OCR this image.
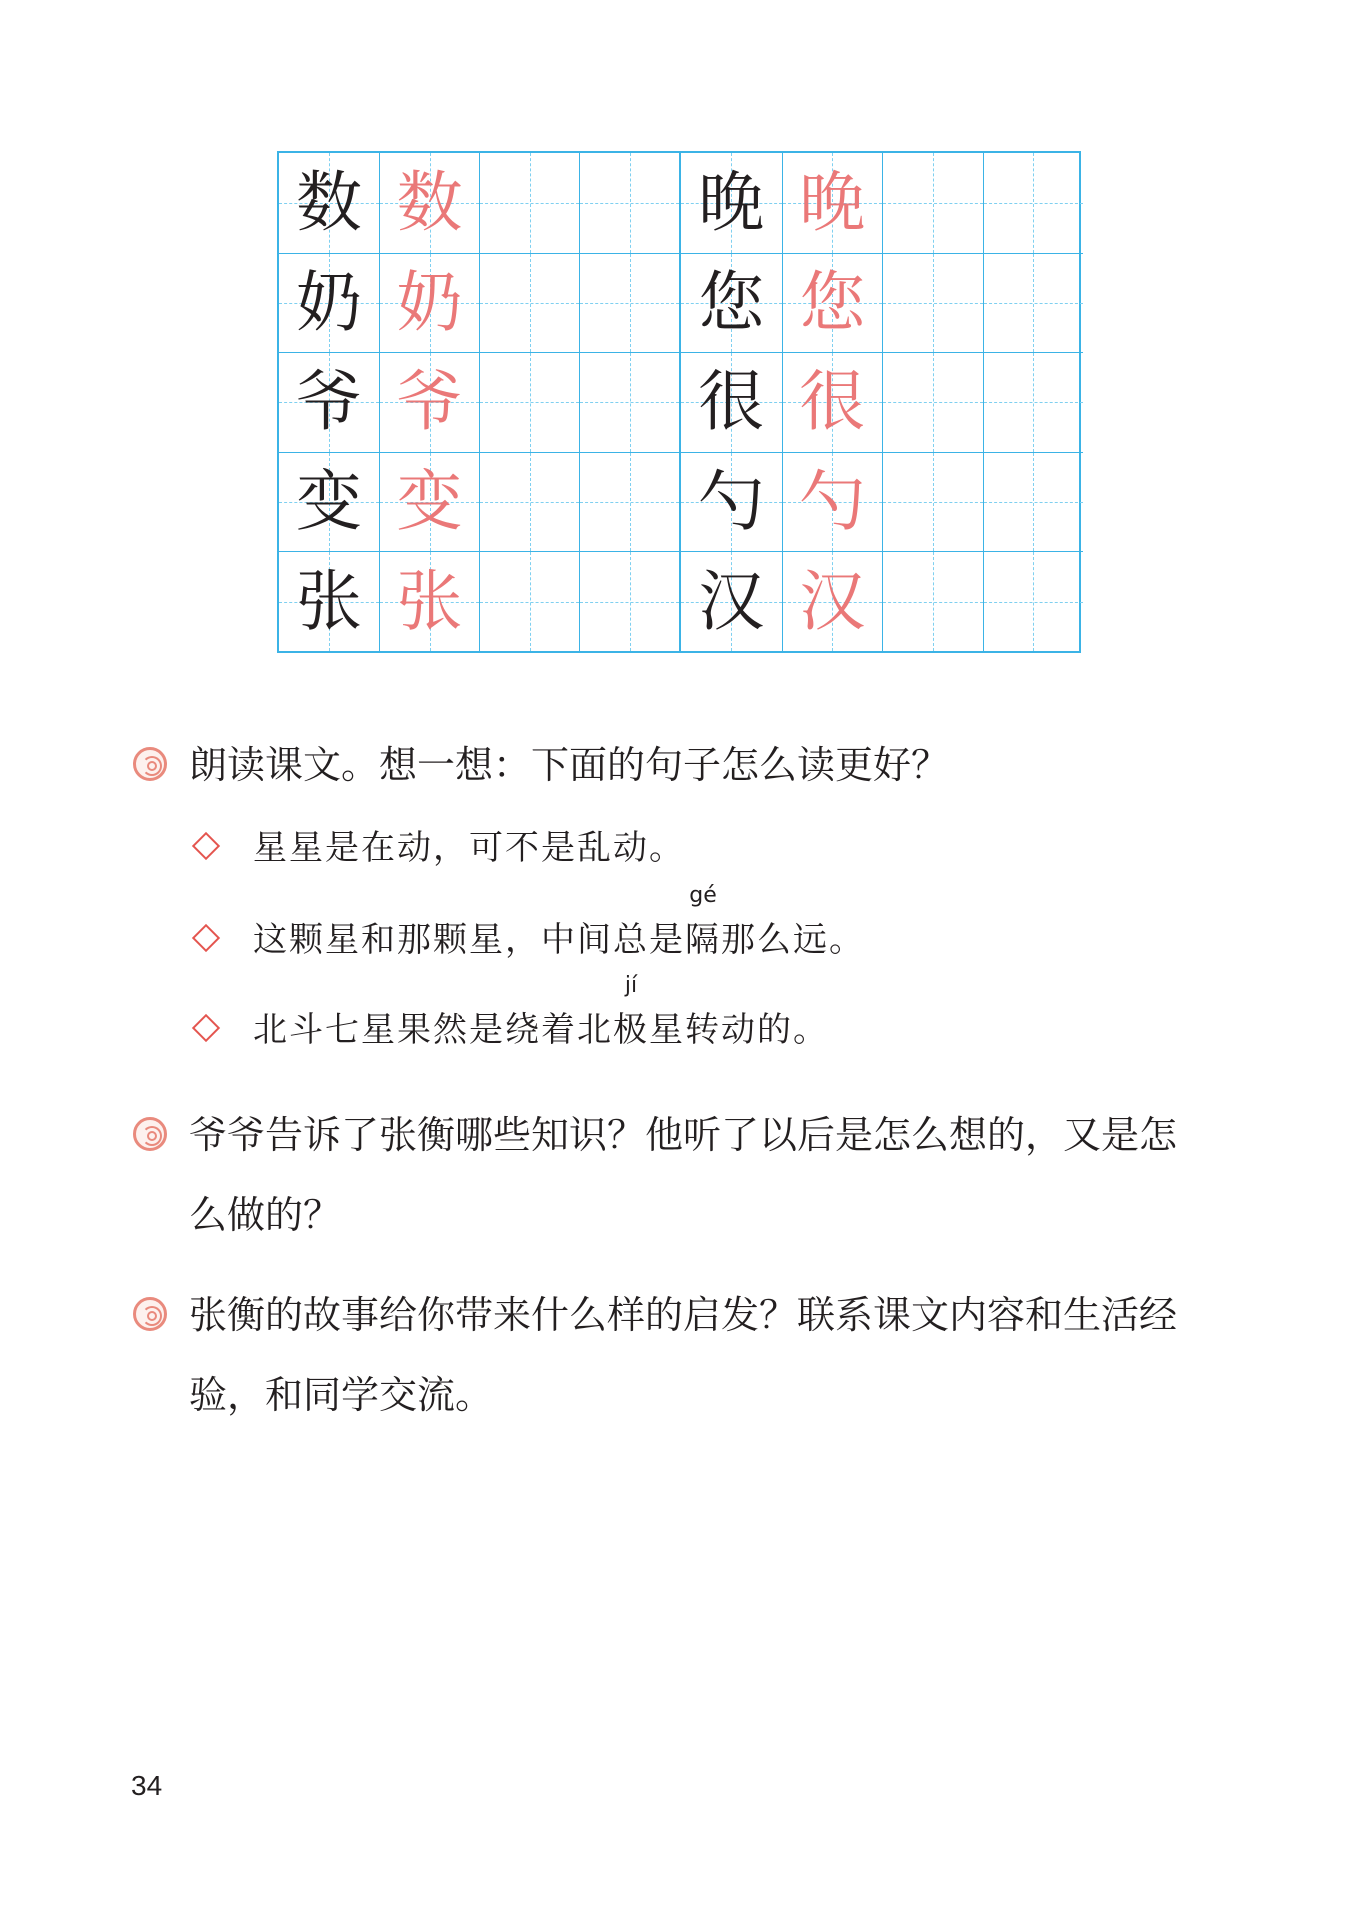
数 数
奶 奶
爷 爷
变 变
张 张
晚 晚
您 您
很 很
勺 勺
汉 汉
朗读课文。想一想：下面的句子怎么读更好？
星星是在动，可不是乱动。
这颗星和那颗星，中间总是
gé
隔那么远。
北斗七星果然是绕着北
jí
极星转动的。
爷爷告诉了张衡哪些知识？他听了以后是怎么想的，又是怎么做的？
张衡的故事给你带来什么样的启发？联系课文内容和生活经验，和同学交流。
34
